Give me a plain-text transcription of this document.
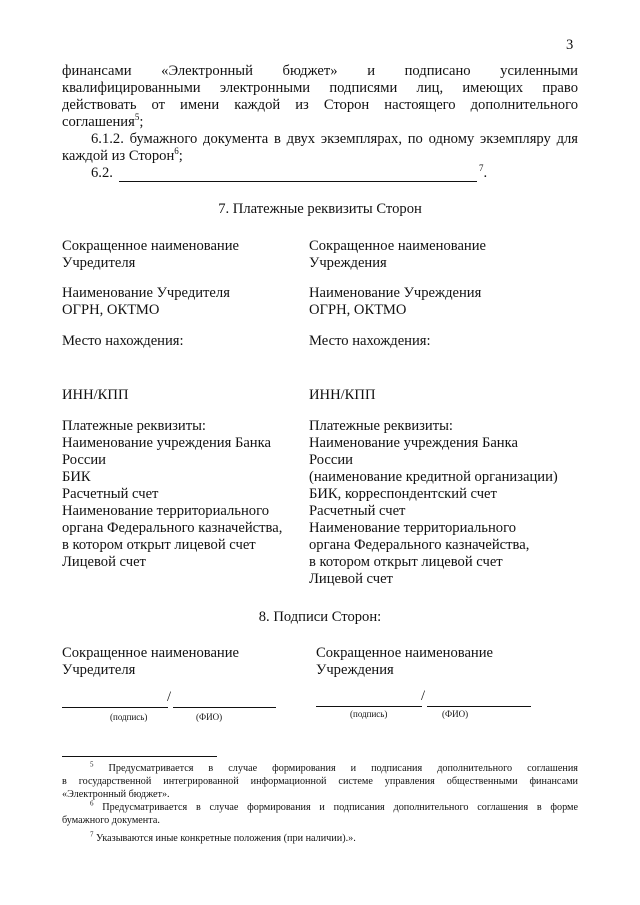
3
финансами «Электронный бюджет» и подписано усиленными
квалифицированными электронными подписями лиц, имеющих право
действовать от имени каждой из Сторон настоящего дополнительного
соглашения$^5$;
6.1.2. бумажного документа в двух экземплярах, по одному экземпляру для
каждой из Сторон$^6$;
6.2.	$^7$.
7. Платежные реквизиты Сторон
Сокращенное наименование
Учредителя
Наименование Учредителя
ОГРН, ОКТМО
Место нахождения:
ИНН/КПП
Платежные реквизиты:
Наименование учреждения Банка
России
БИК
Расчетный счет
Наименование территориального
органа Федерального казначейства,
в котором открыт лицевой счет
Лицевой счет
Сокращенное наименование
Учреждения
Наименование Учреждения
ОГРН, ОКТМО
Место нахождения:
ИНН/КПП
Платежные реквизиты:
Наименование учреждения Банка
России
(наименование кредитной организации)
БИК, корреспондентский счет
Расчетный счет
Наименование территориального
органа Федерального казначейства,
в котором открыт лицевой счет
Лицевой счет
8. Подписи Сторон:
Сокращенное наименование
Учредителя
/
(подпись)	(ФИО)
Сокращенное наименование
Учреждения
/
(подпись)	(ФИО)
$^5$ Предусматривается в случае формирования и подписания дополнительного соглашения
в государственной интегрированной информационной системе управления общественными финансами
«Электронный бюджет».
$^6$ Предусматривается в случае формирования и подписания дополнительного соглашения в форме
бумажного документа.
$^7$ Указываются иные конкретные положения (при наличии).».
